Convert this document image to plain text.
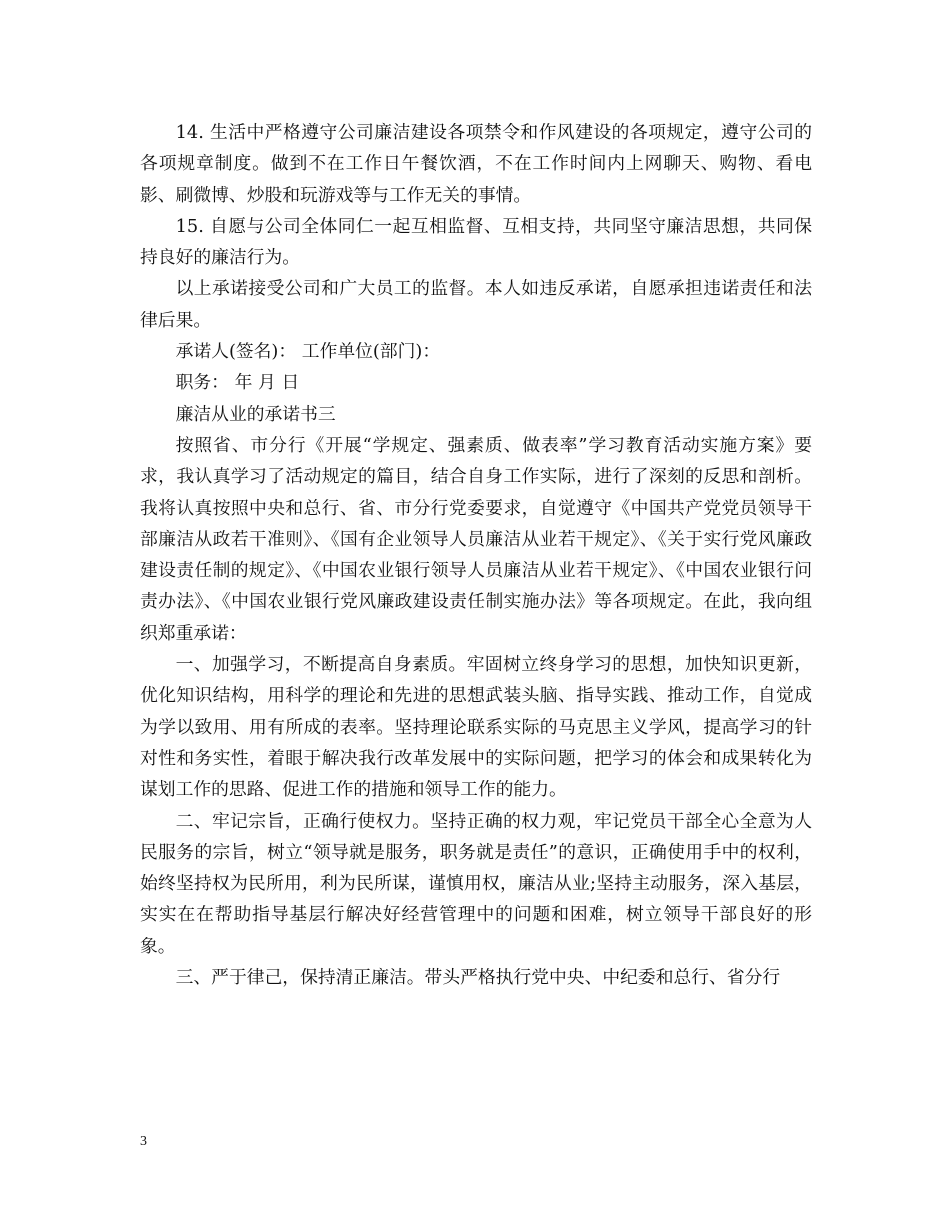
14. 生活中严格遵守公司廉洁建设各项禁令和作风建设的各项规定，遵守公司的各项规章制度。做到不在工作日午餐饮酒，不在工作时间内上网聊天、购物、看电影、刷微博、炒股和玩游戏等与工作无关的事情。

15. 自愿与公司全体同仁一起互相监督、互相支持，共同坚守廉洁思想，共同保持良好的廉洁行为。

以上承诺接受公司和广大员工的监督。本人如违反承诺，自愿承担违诺责任和法律后果。

承诺人(签名)： 工作单位(部门)：

职务： 年 月 日

廉洁从业的承诺书三

按照省、市分行《开展“学规定、强素质、做表率”学习教育活动实施方案》要求，我认真学习了活动规定的篇目，结合自身工作实际，进行了深刻的反思和剖析。我将认真按照中央和总行、省、市分行党委要求，自觉遵守《中国共产党党员领导干部廉洁从政若干准则》、《国有企业领导人员廉洁从业若干规定》、《关于实行党风廉政建设责任制的规定》、《中国农业银行领导人员廉洁从业若干规定》、《中国农业银行问责办法》、《中国农业银行党风廉政建设责任制实施办法》等各项规定。在此，我向组织郑重承诺：

一、加强学习，不断提高自身素质。牢固树立终身学习的思想，加快知识更新，优化知识结构，用科学的理论和先进的思想武装头脑、指导实践、推动工作，自觉成为学以致用、用有所成的表率。坚持理论联系实际的马克思主义学风，提高学习的针对性和务实性，着眼于解决我行改革发展中的实际问题，把学习的体会和成果转化为谋划工作的思路、促进工作的措施和领导工作的能力。

二、牢记宗旨，正确行使权力。坚持正确的权力观，牢记党员干部全心全意为人民服务的宗旨，树立“领导就是服务，职务就是责任”的意识，正确使用手中的权利，始终坚持权为民所用，利为民所谋，谨慎用权，廉洁从业;坚持主动服务，深入基层，实实在在帮助指导基层行解决好经营管理中的问题和困难，树立领导干部良好的形象。

三、严于律己，保持清正廉洁。带头严格执行党中央、中纪委和总行、省分行

3
